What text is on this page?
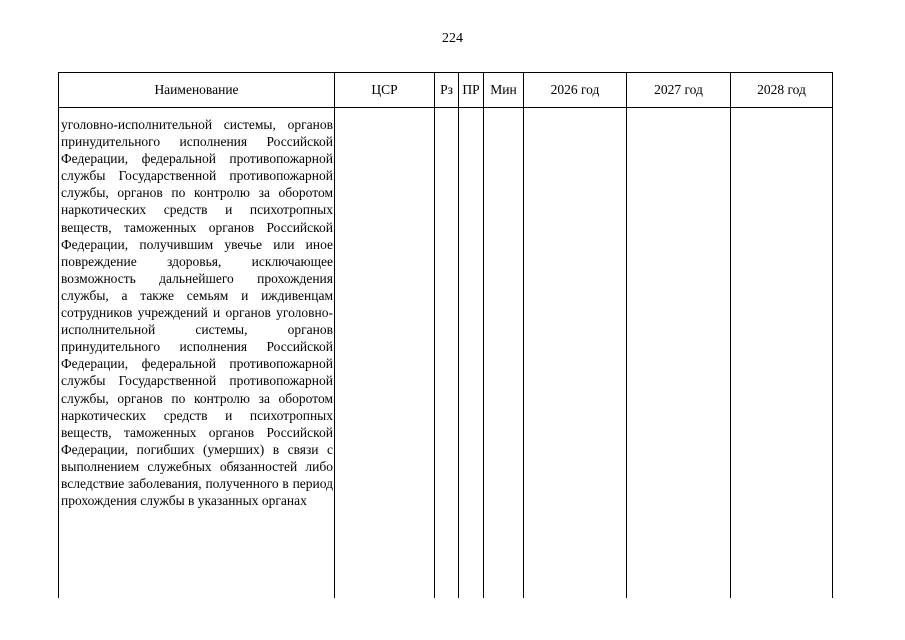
224
Наименование	ЦСР	Рз	ПР	Мин	2026 год	2027 год	2028 год

уголовно-исполнительной системы, органов принудительного исполнения Российской Федерации, федеральной противопожарной службы Государственной противопожарной службы, органов по контролю за оборотом наркотических средств и психотропных веществ, таможенных органов Российской Федерации, получившим увечье или иное повреждение здоровья, исключающее возможность дальнейшего прохождения службы, а также семьям и иждивенцам сотрудников учреждений и органов уголовно-исполнительной системы, органов принудительного исполнения Российской Федерации, федеральной противопожарной службы Государственной противопожарной службы, органов по контролю за оборотом наркотических средств и психотропных веществ, таможенных органов Российской Федерации, погибших (умерших) в связи с выполнением служебных обязанностей либо вследствие заболевания, полученного в период прохождения службы в указанных органах							
